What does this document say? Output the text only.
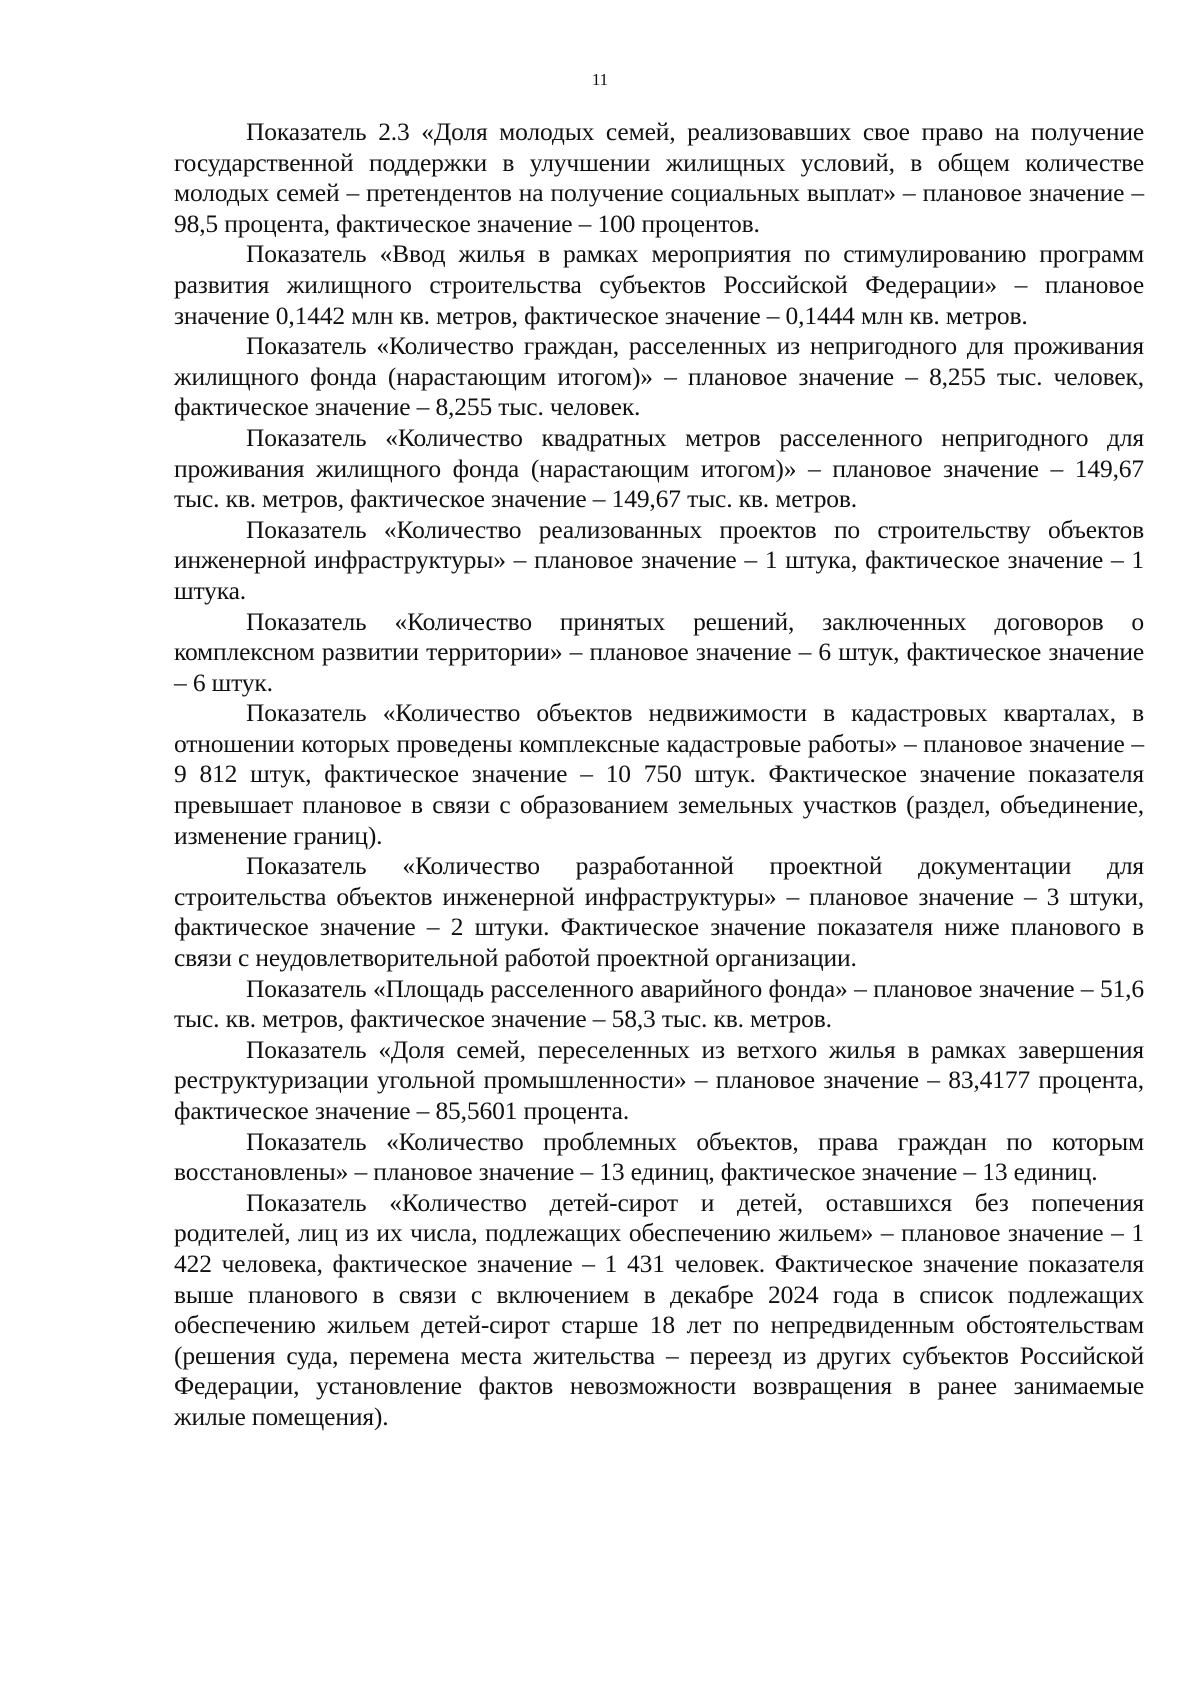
11

Показатель 2.3 «Доля молодых семей, реализовавших свое право на получение государственной поддержки в улучшении жилищных условий, в общем количестве молодых семей – претендентов на получение социальных выплат» – плановое значение – 98,5 процента, фактическое значение – 100 процентов.

Показатель «Ввод жилья в рамках мероприятия по стимулированию программ развития жилищного строительства субъектов Российской Федерации» – плановое значение 0,1442 млн кв. метров, фактическое значение – 0,1444 млн кв. метров.

Показатель «Количество граждан, расселенных из непригодного для проживания жилищного фонда (нарастающим итогом)» – плановое значение – 8,255 тыс. человек, фактическое значение – 8,255 тыс. человек.

Показатель «Количество квадратных метров расселенного непригодного для проживания жилищного фонда (нарастающим итогом)» – плановое значение – 149,67 тыс. кв. метров, фактическое значение – 149,67 тыс. кв. метров.

Показатель «Количество реализованных проектов по строительству объектов инженерной инфраструктуры» – плановое значение – 1 штука, фактическое значение – 1 штука.

Показатель «Количество принятых решений, заключенных договоров о комплексном развитии территории» – плановое значение – 6 штук, фактическое значение – 6 штук.

Показатель «Количество объектов недвижимости в кадастровых кварталах, в отношении которых проведены комплексные кадастровые работы» – плановое значение – 9 812 штук, фактическое значение – 10 750 штук. Фактическое значение показателя превышает плановое в связи с образованием земельных участков (раздел, объединение, изменение границ).

Показатель «Количество разработанной проектной документации для строительства объектов инженерной инфраструктуры» – плановое значение – 3 штуки, фактическое значение – 2 штуки. Фактическое значение показателя ниже планового в связи с неудовлетворительной работой проектной организации.

Показатель «Площадь расселенного аварийного фонда» – плановое значение – 51,6 тыс. кв. метров, фактическое значение – 58,3 тыс. кв. метров.

Показатель «Доля семей, переселенных из ветхого жилья в рамках завершения реструктуризации угольной промышленности» – плановое значение – 83,4177 процента, фактическое значение – 85,5601 процента.

Показатель «Количество проблемных объектов, права граждан по которым восстановлены» – плановое значение – 13 единиц, фактическое значение – 13 единиц.

Показатель «Количество детей-сирот и детей, оставшихся без попечения родителей, лиц из их числа, подлежащих обеспечению жильем» – плановое значение – 1 422 человека, фактическое значение – 1 431 человек. Фактическое значение показателя выше планового в связи с включением в декабре 2024 года в список подлежащих обеспечению жильем детей-сирот старше 18 лет по непредвиденным обстоятельствам (решения суда, перемена места жительства – переезд из других субъектов Российской Федерации, установление фактов невозможности возвращения в ранее занимаемые жилые помещения).
